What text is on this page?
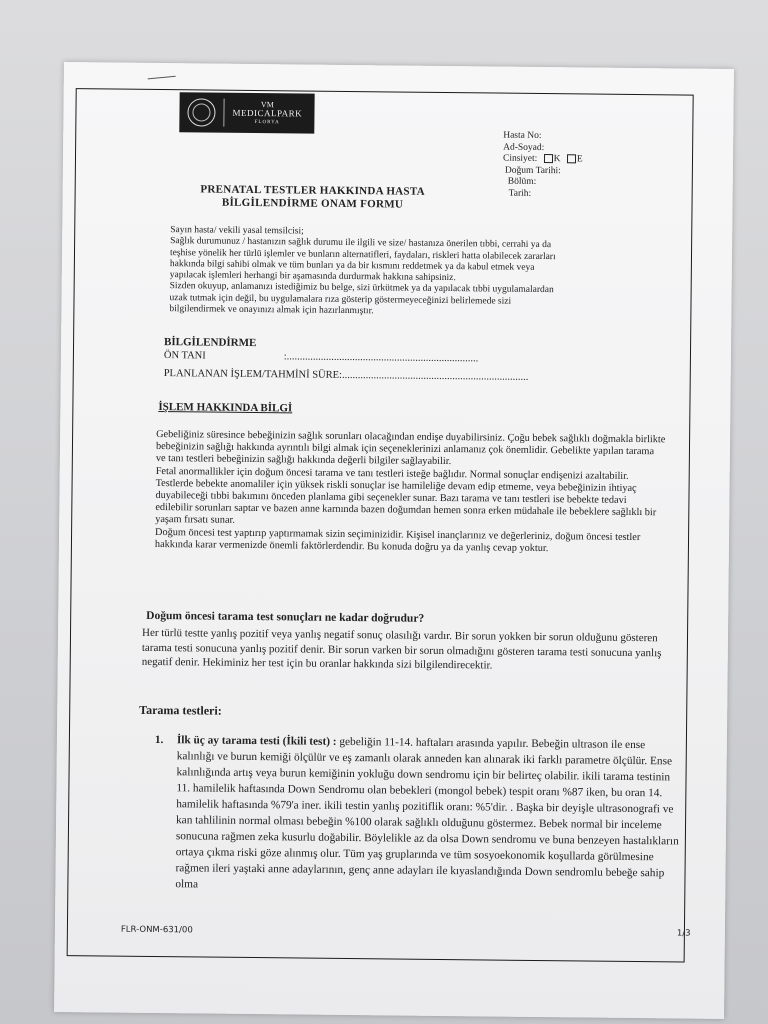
VM
MEDICALPARK
FLORYA
Hasta No:
Ad-Soyad:
Cinsiyet: K E
Doğum Tarihi:
Bölüm:
Tarih:
PRENATAL TESTLER HAKKINDA HASTA
BİLGİLENDİRME ONAM FORMU
Sayın hasta/ vekili yasal temsilcisi;
Sağlık durumunuz / hastanızın sağlık durumu ile ilgili ve size/ hastanıza önerilen tıbbi, cerrahi ya da
teşhise yönelik her türlü işlemler ve bunların alternatifleri, faydaları, riskleri hatta olabilecek zararları
hakkında bilgi sahibi olmak ve tüm bunları ya da bir kısmını reddetmek ya da kabul etmek veya
yapılacak işlemleri herhangi bir aşamasında durdurmak hakkına sahipsiniz.
Sizden okuyup, anlamanızı istediğimiz bu belge, sizi ürkütmek ya da yapılacak tıbbi uygulamalardan
uzak tutmak için değil, bu uygulamalara rıza gösterip göstermeyeceğinizi belirlemede sizi
bilgilendirmek ve onayınızı almak için hazırlanmıştır.
BİLGİLENDİRME
ÖN TANI	:.........................................................................
PLANLANAN İŞLEM/TAHMİNİ SÜRE:.......................................................................
İŞLEM HAKKINDA BİLGİ

Gebeliğiniz süresince bebeğinizin sağlık sorunları olacağından endişe duyabilirsiniz. Çoğu bebek sağlıklı doğmakla birlikte bebeğinizin sağlığı hakkında ayrıntılı bilgi almak için seçeneklerinizi anlamanız çok önemlidir. Gebelikte yapılan tarama ve tanı testleri bebeğinizin sağlığı hakkında değerli bilgiler sağlayabilir.

Fetal anormallikler için doğum öncesi tarama ve tanı testleri isteğe bağlıdır. Normal sonuçlar endişenizi azaltabilir. Testlerde bebekte anomaliler için yüksek riskli sonuçlar ise hamileliğe devam edip etmeme, veya bebeğinizin ihtiyaç duyabileceği tıbbi bakımını önceden planlama gibi seçenekler sunar. Bazı tarama ve tanı testleri ise bebekte tedavi edilebilir sorunları saptar ve bazen anne karnında bazen doğumdan hemen sonra erken müdahale ile bebeklere sağlıklı bir yaşam fırsatı sunar.

Doğum öncesi test yaptırıp yaptırmamak sizin seçiminizidir. Kişisel inançlarınız ve değerleriniz, doğum öncesi testler hakkında karar vermenizde önemli faktörlerdendir. Bu konuda doğru ya da yanlış cevap yoktur.

Doğum öncesi tarama test sonuçları ne kadar doğrudur?
Her türlü testte yanlış pozitif veya yanlış negatif sonuç olasılığı vardır. Bir sorun yokken bir sorun olduğunu gösteren tarama testi sonucuna yanlış pozitif denir. Bir sorun varken bir sorun olmadığını gösteren tarama testi sonucuna yanlış negatif denir. Hekiminiz her test için bu oranlar hakkında sizi bilgilendirecektir.
Tarama testleri:
1. İlk üç ay tarama testi (İkili test) : gebeliğin 11-14. haftaları arasında yapılır. Bebeğin ultrason ile ense kalınlığı ve burun kemiği ölçülür ve eş zamanlı olarak anneden kan alınarak iki farklı parametre ölçülür. Ense kalınlığında artış veya burun kemiğinin yokluğu down sendromu için bir belirteç olabilir. ikili tarama testinin 11. hamilelik haftasında Down Sendromu olan bebekleri (mongol bebek) tespit oranı %87 iken, bu oran 14. hamilelik haftasında %79'a iner. ikili testin yanlış pozitiflik oranı: %5'dir. . Başka bir deyişle ultrasonografi ve kan tahlilinin normal olması bebeğin %100 olarak sağlıklı olduğunu göstermez. Bebek normal bir inceleme sonucuna rağmen zeka kusurlu doğabilir. Böylelikle az da olsa Down sendromu ve buna benzeyen hastalıkların ortaya çıkma riski göze alınmış olur. Tüm yaş gruplarında ve tüm sosyoekonomik koşullarda görülmesine rağmen ileri yaştaki anne adaylarının, genç anne adayları ile kıyaslandığında Down sendromlu bebeğe sahip olma
FLR-ONM-631/00	1/3
